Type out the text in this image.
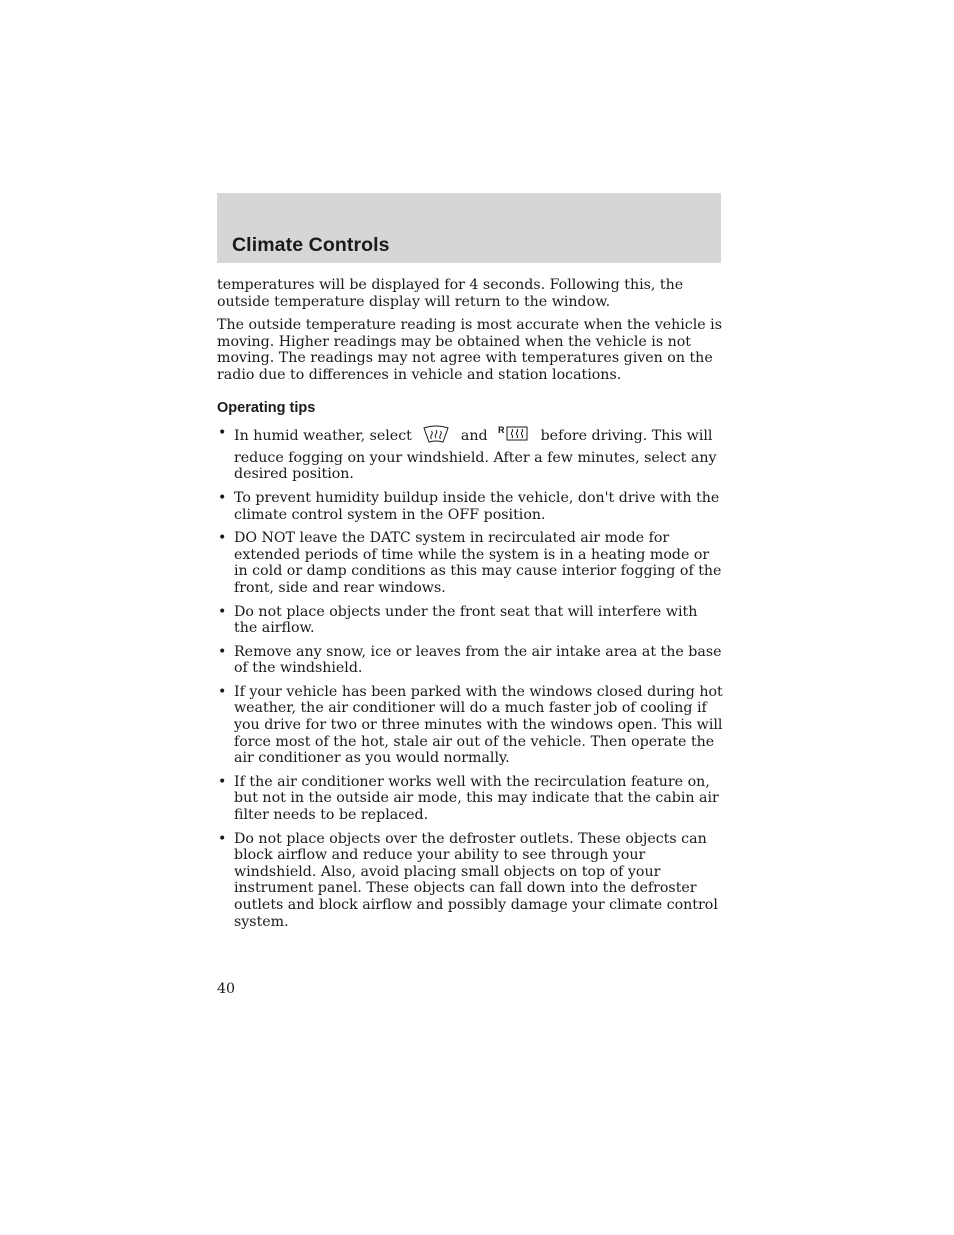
Climate Controls

temperatures will be displayed for 4 seconds. Following this, the outside temperature display will return to the window.

The outside temperature reading is most accurate when the vehicle is moving. Higher readings may be obtained when the vehicle is not moving. The readings may not agree with temperatures given on the radio due to differences in vehicle and station locations.

Operating tips
• In humid weather, select	and R	before driving. This will reduce fogging on your windshield. After a few minutes, select any desired position.
• To prevent humidity buildup inside the vehicle, don't drive with the climate control system in the OFF position.
• DO NOT leave the DATC system in recirculated air mode for extended periods of time while the system is in a heating mode or in cold or damp conditions as this may cause interior fogging of the front, side and rear windows.
• Do not place objects under the front seat that will interfere with the airflow.
• Remove any snow, ice or leaves from the air intake area at the base of the windshield.
• If your vehicle has been parked with the windows closed during hot weather, the air conditioner will do a much faster job of cooling if you drive for two or three minutes with the windows open. This will force most of the hot, stale air out of the vehicle. Then operate the air conditioner as you would normally.
• If the air conditioner works well with the recirculation feature on, but not in the outside air mode, this may indicate that the cabin air filter needs to be replaced.
• Do not place objects over the defroster outlets. These objects can block airflow and reduce your ability to see through your windshield. Also, avoid placing small objects on top of your instrument panel. These objects can fall down into the defroster outlets and block airflow and possibly damage your climate control system.
40
